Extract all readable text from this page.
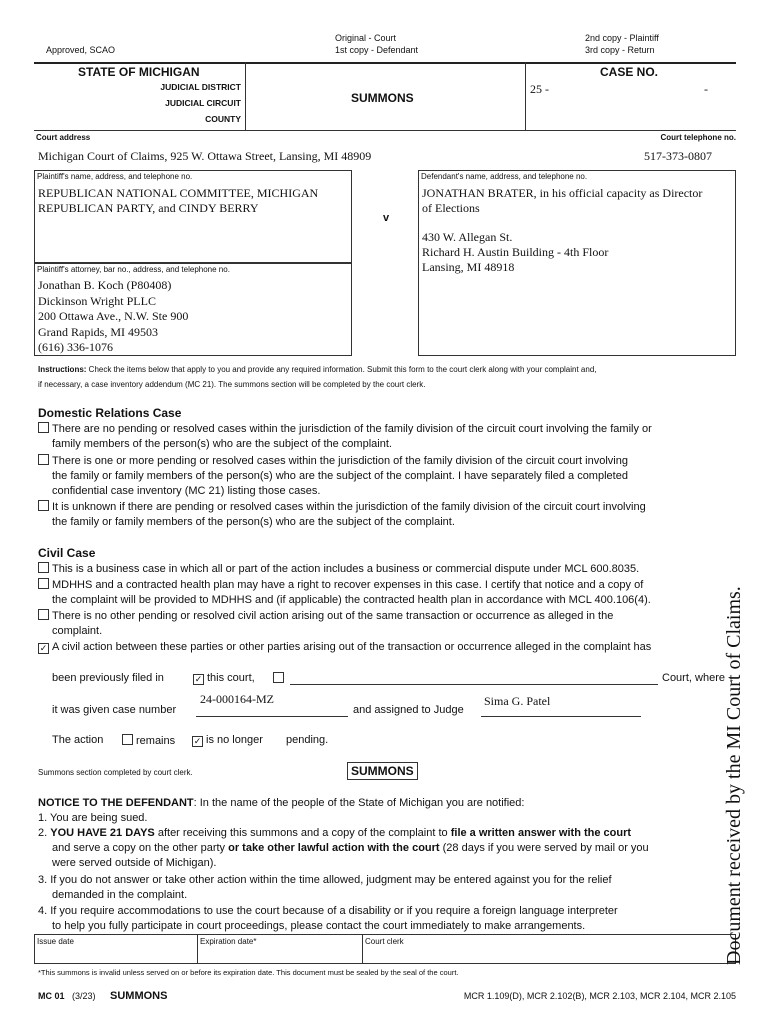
Approved, SCAO
Original - Court
1st copy - Defendant
2nd copy - Plaintiff
3rd copy - Return
STATE OF MICHIGAN
JUDICIAL DISTRICT
JUDICIAL CIRCUIT
COUNTY
SUMMONS
CASE NO.
25 -	-
Court address	Court telephone no.
Michigan Court of Claims, 925 W. Ottawa Street, Lansing, MI 48909	517-373-0807
Plaintiff's name, address, and telephone no.
REPUBLICAN NATIONAL COMMITTEE, MICHIGAN
REPUBLICAN PARTY, and CINDY BERRY
Plaintiff's attorney, bar no., address, and telephone no.
Jonathan B. Koch (P80408)
Dickinson Wright PLLC
200 Ottawa Ave., N.W. Ste 900
Grand Rapids, MI 49503
(616) 336-1076
v
Defendant's name, address, and telephone no.
JONATHAN BRATER, in his official capacity as Director
of Elections
430 W. Allegan St.
Richard H. Austin Building - 4th Floor
Lansing, MI 48918
Instructions: Check the items below that apply to you and provide any required information. Submit this form to the court clerk along with your complaint and,
if necessary, a case inventory addendum (MC 21). The summons section will be completed by the court clerk.
Domestic Relations Case
There are no pending or resolved cases within the jurisdiction of the family division of the circuit court involving the family or
family members of the person(s) who are the subject of the complaint.
There is one or more pending or resolved cases within the jurisdiction of the family division of the circuit court involving
the family or family members of the person(s) who are the subject of the complaint. I have separately filed a completed
confidential case inventory (MC 21) listing those cases.
It is unknown if there are pending or resolved cases within the jurisdiction of the family division of the circuit court involving
the family or family members of the person(s) who are the subject of the complaint.
Civil Case
This is a business case in which all or part of the action includes a business or commercial dispute under MCL 600.8035.
MDHHS and a contracted health plan may have a right to recover expenses in this case. I certify that notice and a copy of
the complaint will be provided to MDHHS and (if applicable) the contracted health plan in accordance with MCL 400.106(4).
There is no other pending or resolved civil action arising out of the same transaction or occurrence as alleged in the
complaint.
✓ A civil action between these parties or other parties arising out of the transaction or occurrence alleged in the complaint has
been previously filed in	✓ this court,	Court, where
it was given case number
24-000164-MZ
and assigned to Judge
Sima G. Patel
The action	remains ✓ is no longer pending.
Summons section completed by court clerk.	SUMMONS
NOTICE TO THE DEFENDANT: In the name of the people of the State of Michigan you are notified:
1. You are being sued.
2. YOU HAVE 21 DAYS after receiving this summons and a copy of the complaint to file a written answer with the court
and serve a copy on the other party or take other lawful action with the court (28 days if you were served by mail or you
were served outside of Michigan).
3. If you do not answer or take other action within the time allowed, judgment may be entered against you for the relief
demanded in the complaint.
4. If you require accommodations to use the court because of a disability or if you require a foreign language interpreter
to help you fully participate in court proceedings, please contact the court immediately to make arrangements.
Issue date	Expiration date*	Court clerk
*This summons is invalid unless served on or before its expiration date. This document must be sealed by the seal of the court.
MC 01 (3/23) SUMMONS	MCR 1.109(D), MCR 2.102(B), MCR 2.103, MCR 2.104, MCR 2.105
Document received by the MI Court of Claims.
